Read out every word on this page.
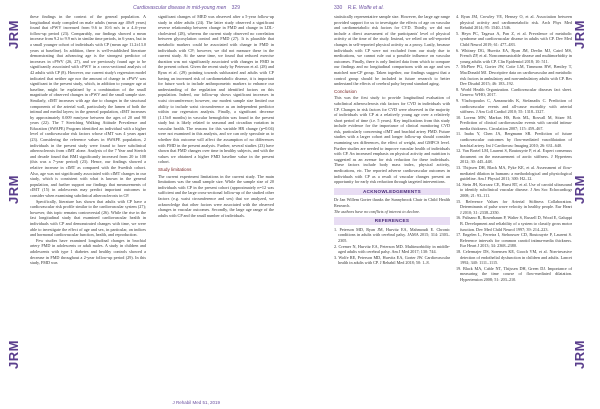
JRM
JRM
JRM
Cardiovascular disease in mid-young men 329

these findings in the context of the general population. A longitudinal study compiled on male adults (mean age 40±9 years) found that cPWV increased from 9.6 to 10.6 m/s in a 4–6-year follow-up period (23). Comparably, our findings showed a mean increase from 9.2 to 9.9 m/s in similar time periods, in 6 years, but in a small younger cohort of individuals with CP (mean age 11.2±13.0 years at baseline). In addition, there is well-established literature demonstrating that advancing age is the strongest predictor of increases in cPWV (26, 27), and we previously found age to be significantly associated with cPWV in a cross-sectional analysis of 42 adults with CP (8). However, our current study's regression model indicated that neither age nor the amount of change in cPWV was significant in the present study, which, in addition to younger age at baseline, might be explained by a combination of the small magnitude of observed changes in cPWV and the small sample size. Similarly, cIMT increases with age due to changes in the structural components of the arterial wall, particularly the lumen of both the intimal and medial layers; in the general population, cIMT increases by approximately 0.009 mm/year between the ages of 20 and 90 years (22). The 7 Stretching Walking Attitude Prevalence and Education (SWAPE) Program identified an individual with a higher level of cardiovascular risk factors whose cIMT was 4 years apart (23). Considering the reference values in SWAPE population, 2 individuals in the present study were found to have subclinical atherosclerosis from cIMT alone. Analysis of the 7 Year and Stretch and decade found that BMI significantly increased from 20 to 108 (this was a 7-year period) (23). Hence, our findings showed a relative increase in cIMT as compared with the Swedish cohort. Also, age was not significantly associated with cIMT changes in our study, which is consistent with what is known in the general population, and further support our findings that measurements of cIMT (15) in adolescents may predict important outcomes to consider when examining subclinical atherosclerosis in CP.

Specifically, literature has shown that adults with CP have a cardiovascular risk profile similar to the cardiovascular system (27); however, this topic remains controversial (26). While the rise in the fast longitudinal study that examined cardiovascular health in individuals with CP and demonstrated changes with time, we were able to investigate the effect of age and sex, in particular, on indices and hormonal cardiovascular function, health, and reproduction.

Few studies have examined longitudinal changes in brachial artery FMD in adolescents or adult males. A study in children and adolescents with type 1 diabetes and healthy controls showed a decrease in FMD throughout a 2-year follow-up period (29). In this study, FMD was

significant changes of MED was observed after a 5-year follow-up study in older adults (24). The latter study observed a significant reverse relationship between change in FMD and change in LDL-cholesterol (28), whereas the current study observed no correlation between glycosylation control and FMD (27). It is plausible that metabolic markers could be associated with change in FMD in individuals with CP; however, we did not measure these in the current study. At the same time, we found that reduced exercise duration was not significantly associated with changes in FMD in the present cohort. Given the recent study by Peterson et al. (28) and Ryan et al. (29) pointing towards subluxated and adults with CP having an increased risk of cardiometabolic disease, it is important for future work to include anthropometric markers to enhance our understanding of the regulation and identified factors on this population. Indeed, our follow-up shows significant increases in waist circumference; however, our modest sample size limited our ability to include waist circumference as an independent predictor within our regression analysis. Finally, a significant decrease (1.15±0 months) in vascular hemoglobin was found in the present study but is likely related to seasonal and circadian variation in vascular health. The reasons for this variable HR change (p=0.04) were not examined in this analysis, and we can only speculate as to whether this outcome will affect the assumption of no differences with FMD in the present analysis. Further, several studies (23) have shown that FMD changes over time in healthy subjects, and with the values we obtained a higher FMD baseline value in the present cohort.

Study limitations

The current experiment limitations in the current study. The main limitations was the small sample size. While the sample size of 20 individuals with CP in the present cohort (approximately n=12 was sufficient and the large cross-sectional follow-up of the studied other factors (e.g. waist circumference and sex) that we analyzed, we acknowledge that other factors were associated with the observed changes in vascular outcomes. Secondly, the large age range of the adults with CP and the small number of individuals.

J Rehabil Med 51, 2019
JRM
JRM
JRM
330 R.E. Wolfe et al.

statistically representative sample size. However, the large age range provided support for us to investigate the effects of age on vascular and cardiometabolic risk factors for CVD. Thirdly, we did not include a direct assessment of the participants' level of physical activity at the time of the study. Instead, we relied on self-reported changes in self-reported physical activity as a proxy. Lastly, because individuals with CP were not excluded from our study due to medications, we cannot rule out a possible influence on vascular outcomes. Finally, there is only limited data from which to compare our findings and no longitudinal comparisons with an age and sex matched non-CP group. Taken together, our findings suggest that a control group should be included in future research to better understand the effects of cerebral palsy beyond standard aging.

Conclusion

This was the first study to provide longitudinal evaluation of subclinical atherosclerosis risk factors for CVD in individuals with CP. Changes in risk factors for CVD were observed in the majority of individuals with CP at a relatively young age over a relatively short period of time (i.e. 5 years). Key implications from this study include evidence for the importance of clinical monitoring CVD risk, particularly concerning cIMT and brachial artery FMD. Future studies with a larger cohort and longer follow-up should consider examining sex differences, the effect of weight, and GMFCS level. Further studies are needed to improve vascular health of individuals with CP. An increased emphasis on physical activity and nutrition is suggested as an avenue for risk reduction for these individuals. These factors include body mass index, physical activity, medications, etc. The reported adverse cardiovascular outcomes in individuals with CP as a result of vascular changes present an opportunity for early risk reduction through targeted interventions.

ACKNOWLEDGEMENTS

Dr Jan Willem Gorter thanks the Sunnybrook Chair in Child Health Research.

The authors have no conflicts of interest to declare.

REFERENCES

1. Peterson MD, Ryan JM, Hurvitz EA, Mahmoudi E. Chronic conditions in adults with cerebral palsy. JAMA 2015; 314: 2303–2305.

2. Cremer N, Hurvitz EA, Peterson MD. Multimorbidity in middle-aged adults with cerebral palsy. Am J Med 2017; 130: 744.

3. Wolfe RE, Peterson MD, Hurvitz EA, Gorter JW. Cardiovascular health in adults with CP. J Rehabil Med 2018; 50: 1–8.

4. Ryan JM, Crowley VE, Hensey O, et al. Association between physical activity and cardiometabolic risk. Arch Phys Med Rehabil 2014; 95: 1540–1546.

5. Heyn PC, Tagawa A, Pan Z, et al. Prevalence of metabolic syndrome and cardiovascular disease in adults with CP. Dev Med Child Neurol 2019; 61: 477–483.

6. Whitney DG, Hurvitz EA, Ryan JM, Devlin MJ, Caird MS, French ZP, et al. Noncommunicable disease and multimorbidity in young adults with CP. Clin Epidemiol 2018; 10: 511.

7. McPhee PG, Gorter JW, Cotie LM, Timmons BW, Bentley T, MacDonald MJ. Descriptive data on cardiovascular and metabolic risk factors in ambulatory and non-ambulatory adults with CP. Res Dev Disabil 2015; 46: 183–192.

8. World Health Organization. Cardiovascular diseases fact sheet. Geneva: WHO; 2017.

9. Vlachopoulos C, Aznaouridis K, Stefanadis C. Prediction of cardiovascular events and all-cause mortality with arterial stiffness. J Am Coll Cardiol 2010; 55: 1318–1327.

10. Lorenz MW, Markus HS, Bots ML, Rosvall M, Sitzer M. Prediction of clinical cardiovascular events with carotid intima-media thickness. Circulation 2007; 115: 459–467.

11. Inaba Y, Chen JA, Bergmann SR. Prediction of future cardiovascular outcomes by flow-mediated vasodilatation of brachial artery. Int J Cardiovasc Imaging 2010; 26: 631–640.

12. Van Bortel LM, Laurent S, Boutouyrie P, et al. Expert consensus document on the measurement of aortic stiffness. J Hypertens 2012; 30: 445–448.

13. Thijssen DH, Black MA, Pyke KE, et al. Assessment of flow-mediated dilation in humans: a methodological and physiological guideline. Am J Physiol 2011; 300: H2–12.

14. Stein JH, Korcarz CE, Hurst RT, et al. Use of carotid ultrasound to identify subclinical vascular disease. J Am Soc Echocardiogr 2008; 21: 93–111.

15. Reference Values for Arterial Stiffness Collaboration. Determinants of pulse wave velocity in healthy people. Eur Heart J 2010; 31: 2338–2350.

16. Palisano R, Rosenbaum P, Walter S, Russell D, Wood E, Galuppi B. Development and reliability of a system to classify gross motor function. Dev Med Child Neurol 1997; 39: 214–223.

17. Engelen L, Ferreira I, Stehouwer CD, Boutouyrie P, Laurent S. Reference intervals for common carotid intima-media thickness. Eur Heart J 2013; 34: 2368–2380.

18. Celermajer DS, Sorensen KE, Gooch VM, et al. Non-invasive detection of endothelial dysfunction in children and adults. Lancet 1992; 340: 1111–1115.

19. Black MA, Cable NT, Thijssen DH, Green DJ. Importance of measuring the time course of flow-mediated dilatation. Hypertension 2008; 51: 203–210.
